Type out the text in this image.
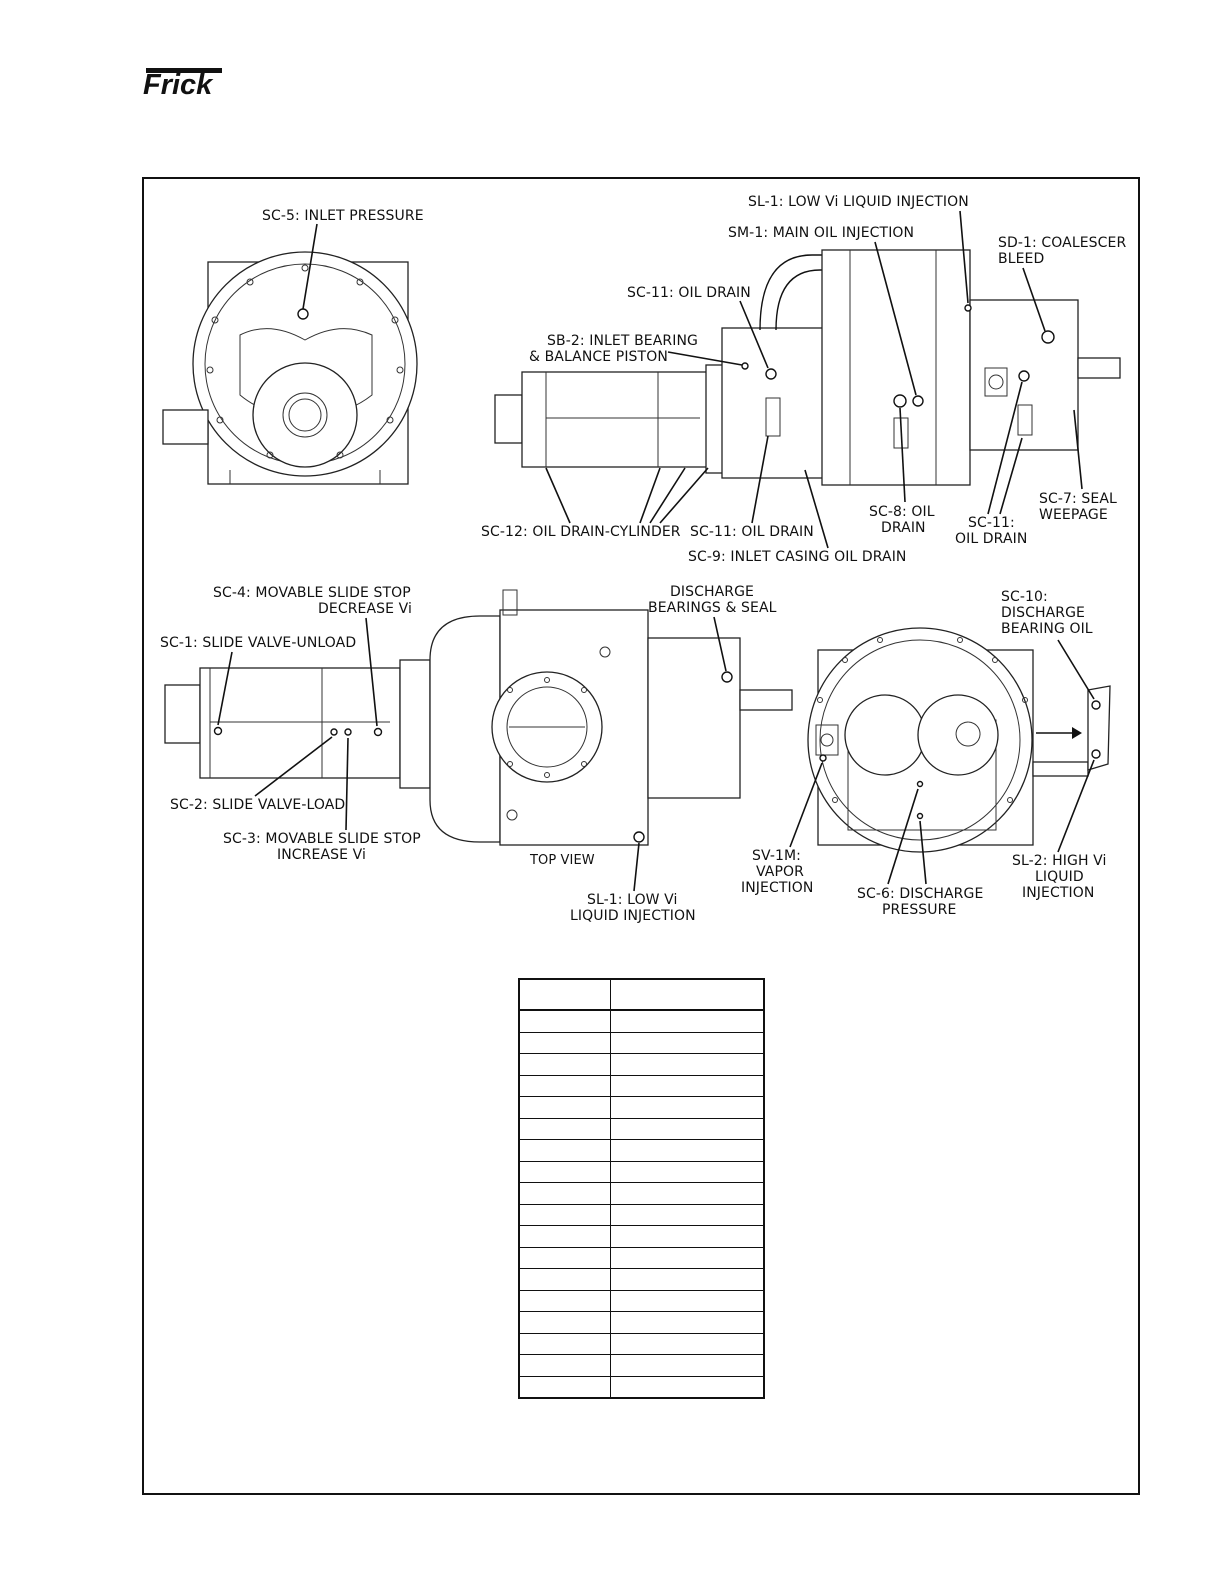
Frick
SC-5: INLET PRESSURE
SL-1: LOW Vi LIQUID INJECTION
SM-1: MAIN OIL INJECTION
SD-1: COALESCER
BLEED
SC-11: OIL DRAIN
SB-2: INLET BEARING
& BALANCE PISTON
SC-12: OIL DRAIN-CYLINDER SC-11: OIL DRAIN
SC-9: INLET CASING OIL DRAIN
SC-8: OIL
DRAIN	SC-11:
OIL DRAIN
SC-7: SEAL
WEEPAGE
TOP VIEW
SC-4: MOVABLE SLIDE STOP
DECREASE Vi
SC-1: SLIDE VALVE-UNLOAD
SC-2: SLIDE VALVE-LOAD
SC-3: MOVABLE SLIDE STOP
INCREASE Vi
DISCHARGE
BEARINGS & SEAL
SL-1: LOW Vi
LIQUID INJECTION
SC-10:
DISCHARGE
BEARING OIL
SV-1M:
VAPOR
INJECTION	SC-6: DISCHARGE
PRESSURE
SL-2: HIGH Vi
LIQUID
INJECTION
